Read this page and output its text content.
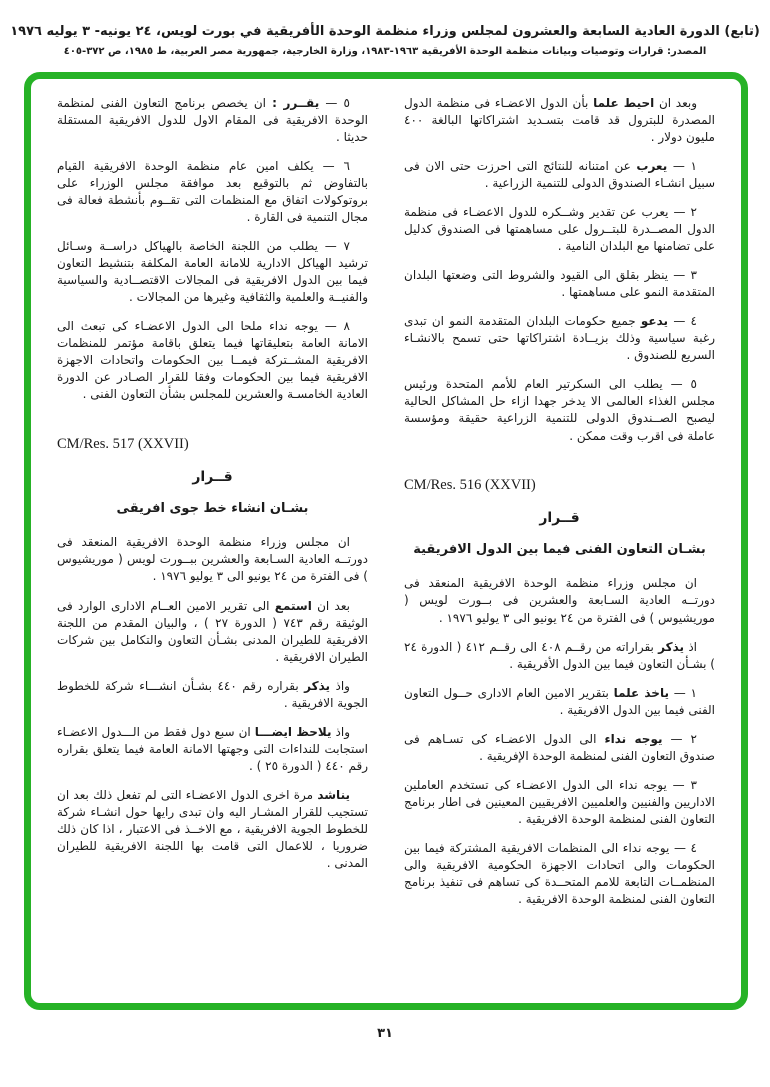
(تابع) الدورة العادية السابعة والعشرون لمجلس وزراء منظمة الوحدة الأفريقية في بورت لويس، ٢٤ يونيه- ٣ يوليه ١٩٧٦
المصدر: قرارات وتوصيات وبيانات منظمة الوحدة الأفريقية ١٩٦٣-١٩٨٣، وزارة الخارجية، جمهورية مصر العربية، ط ١٩٨٥، ص ٣٧٢-٤٠٥

وبعد ان احيط علما بأن الدول الاعضـاء فى منظمة الدول المصدرة للبترول قد قامت بتسـديد اشتراكاتها البالغة ٤٠٠ مليون دولار .

١ — يعرب عن امتنانه للنتائج التى احرزت حتى الان فى سبيل انشـاء الصندوق الدولى للتنمية الزراعية .

٢ — يعرب عن تقدير وشــكره للدول الاعضـاء فى منظمة الدول المصــدرة للبتــرول على مساهمتها فى الصندوق كدليل على تضامنها مع البلدان النامية .

٣ — ينظر بقلق الى القيود والشروط التى وضعتها البلدان المتقدمة النمو على مساهمتها .

٤ — يدعو جميع حكومات البلدان المتقدمة النمو ان تبدى رغبة سياسية وذلك بزيــادة اشتراكاتها حتى تسمح بالانشـاء السريع للصندوق .

٥ — يطلب الى السكرتير العام للأمم المتحدة ورئيس مجلس الغذاء العالمى الا يدخر جهدا ازاء حل المشاكل الحالية ليصبح الصــندوق الدولى للتنمية الزراعية حقيقة ومؤسسة عاملة فى اقرب وقت ممكن .

CM/Res. 516 (XXVII)
قــرار
بشـان التعاون الفنى فيما بين الدول الافريقية

ان مجلس وزراء منظمة الوحدة الافريقية المنعقد فى دورتــه العادية السـابعة والعشرين فى بــورت لويس ( موريشيوس ) فى الفترة من ٢٤ يونيو الى ٣ يوليو ١٩٧٦ .

اذ يذكر بقراراته من رقــم ٤٠٨ الى رقــم ٤١٢ ( الدورة ٢٤ ) بشـأن التعاون فيما بين الدول الأفريقية .

١ — ياخذ علما بتقرير الامين العام الادارى حــول التعاون الفنى فيما بين الدول الافريقية .

٢ — يوجه نداء الى الدول الاعضـاء كى تسـاهم فى صندوق التعاون الفنى لمنظمة الوحدة الإفريقية .

٣ — يوجه نداء الى الدول الاعضـاء كى تستخدم العاملين الاداريين والفنيين والعلميين الافريقيين المعينين فى اطار برنامج التعاون الفنى لمنظمة الوحدة الافريقية .

٤ — يوجه نداء الى المنظمات الافريقية المشتركة فيما بين الحكومات والى اتحادات الاجهزة الحكومية الافريقية والى المنظمــات التابعة للامم المتحــدة كى تساهم فى تنفيذ برنامج التعاون الفنى لمنظمة الوحدة الافريقية .

٥ — يقــرر : ان يخصص برنامج التعاون الفنى لمنظمة الوحدة الافريقية فى المقام الاول للدول الافريقية المستقلة حديثا .

٦ — يكلف امين عام منظمة الوحدة الافريقية القيام بالتفاوض ثم بالتوقيع بعد موافقة مجلس الوزراء على بروتوكولات اتفاق مع المنظمات التى تقــوم بأنشطة فعالة فى مجال التنمية فى القارة .

٧ — يطلب من اللجنة الخاصة بالهياكل دراســة وسـائل ترشيد الهياكل الادارية للامانة العامة المكلفة بتنشيط التعاون فيما بين الدول الافريقية فى المجالات الاقتصــادية والسياسية والفنيــة والعلمية والثقافية وغيرها من المجالات .

٨ — يوجه نداء ملحا الى الدول الاعضـاء كى تبعث الى الامانة العامة بتعليقاتها فيما يتعلق باقامة مؤتمر للمنظمات الافريقية المشــتركة فيمــا بين الحكومات واتحادات الاجهزة الافريقية فيما بين الحكومات وفقا للقرار الصـادر عن الدورة العادية الخامسـة والعشرين للمجلس بشأن التعاون الفنى .

CM/Res. 517 (XXVII)
قــرار
بشـان انشاء خط جوى افريقى

ان مجلس وزراء منظمة الوحدة الافريقية المنعقد فى دورتــه العادية السـابعة والعشرين ببــورت لويس ( موريشيوس ) فى الفترة من ٢٤ يونيو الى ٣ يوليو ١٩٧٦ .

بعد ان استمع الى تقرير الامين العــام الادارى الوارد فى الوثيقة رقم ٧٤٣ ( الدورة ٢٧ ) ، والبيان المقدم من اللجنة الافريقية للطيران المدنى بشـأن التعاون والتكامل بين شركات الطيران الافريقية .

واذ يذكر بقراره رقم ٤٤٠ بشـأن انشـــاء شركة للخطوط الجوية الافريقية .

واذ يلاحظ ايضـــا ان سبع دول فقط من الـــدول الاعضـاء استجابت للنداءات التى وجهتها الامانة العامة فيما يتعلق بقراره رقم ٤٤٠ ( الدورة ٢٥ ) .

يناشد مرة اخرى الدول الاعضـاء التى لم تفعل ذلك بعد ان تستجيب للقرار المشـار اليه وان تبدى رايها حول انشـاء شركة للخطوط الجوية الافريقية ، مع الاخــذ فى الاعتبار ، اذا كان ذلك ضروريا ، للاعمال التى قامت بها اللجنة الافريقية للطيران المدنى .

٣١
